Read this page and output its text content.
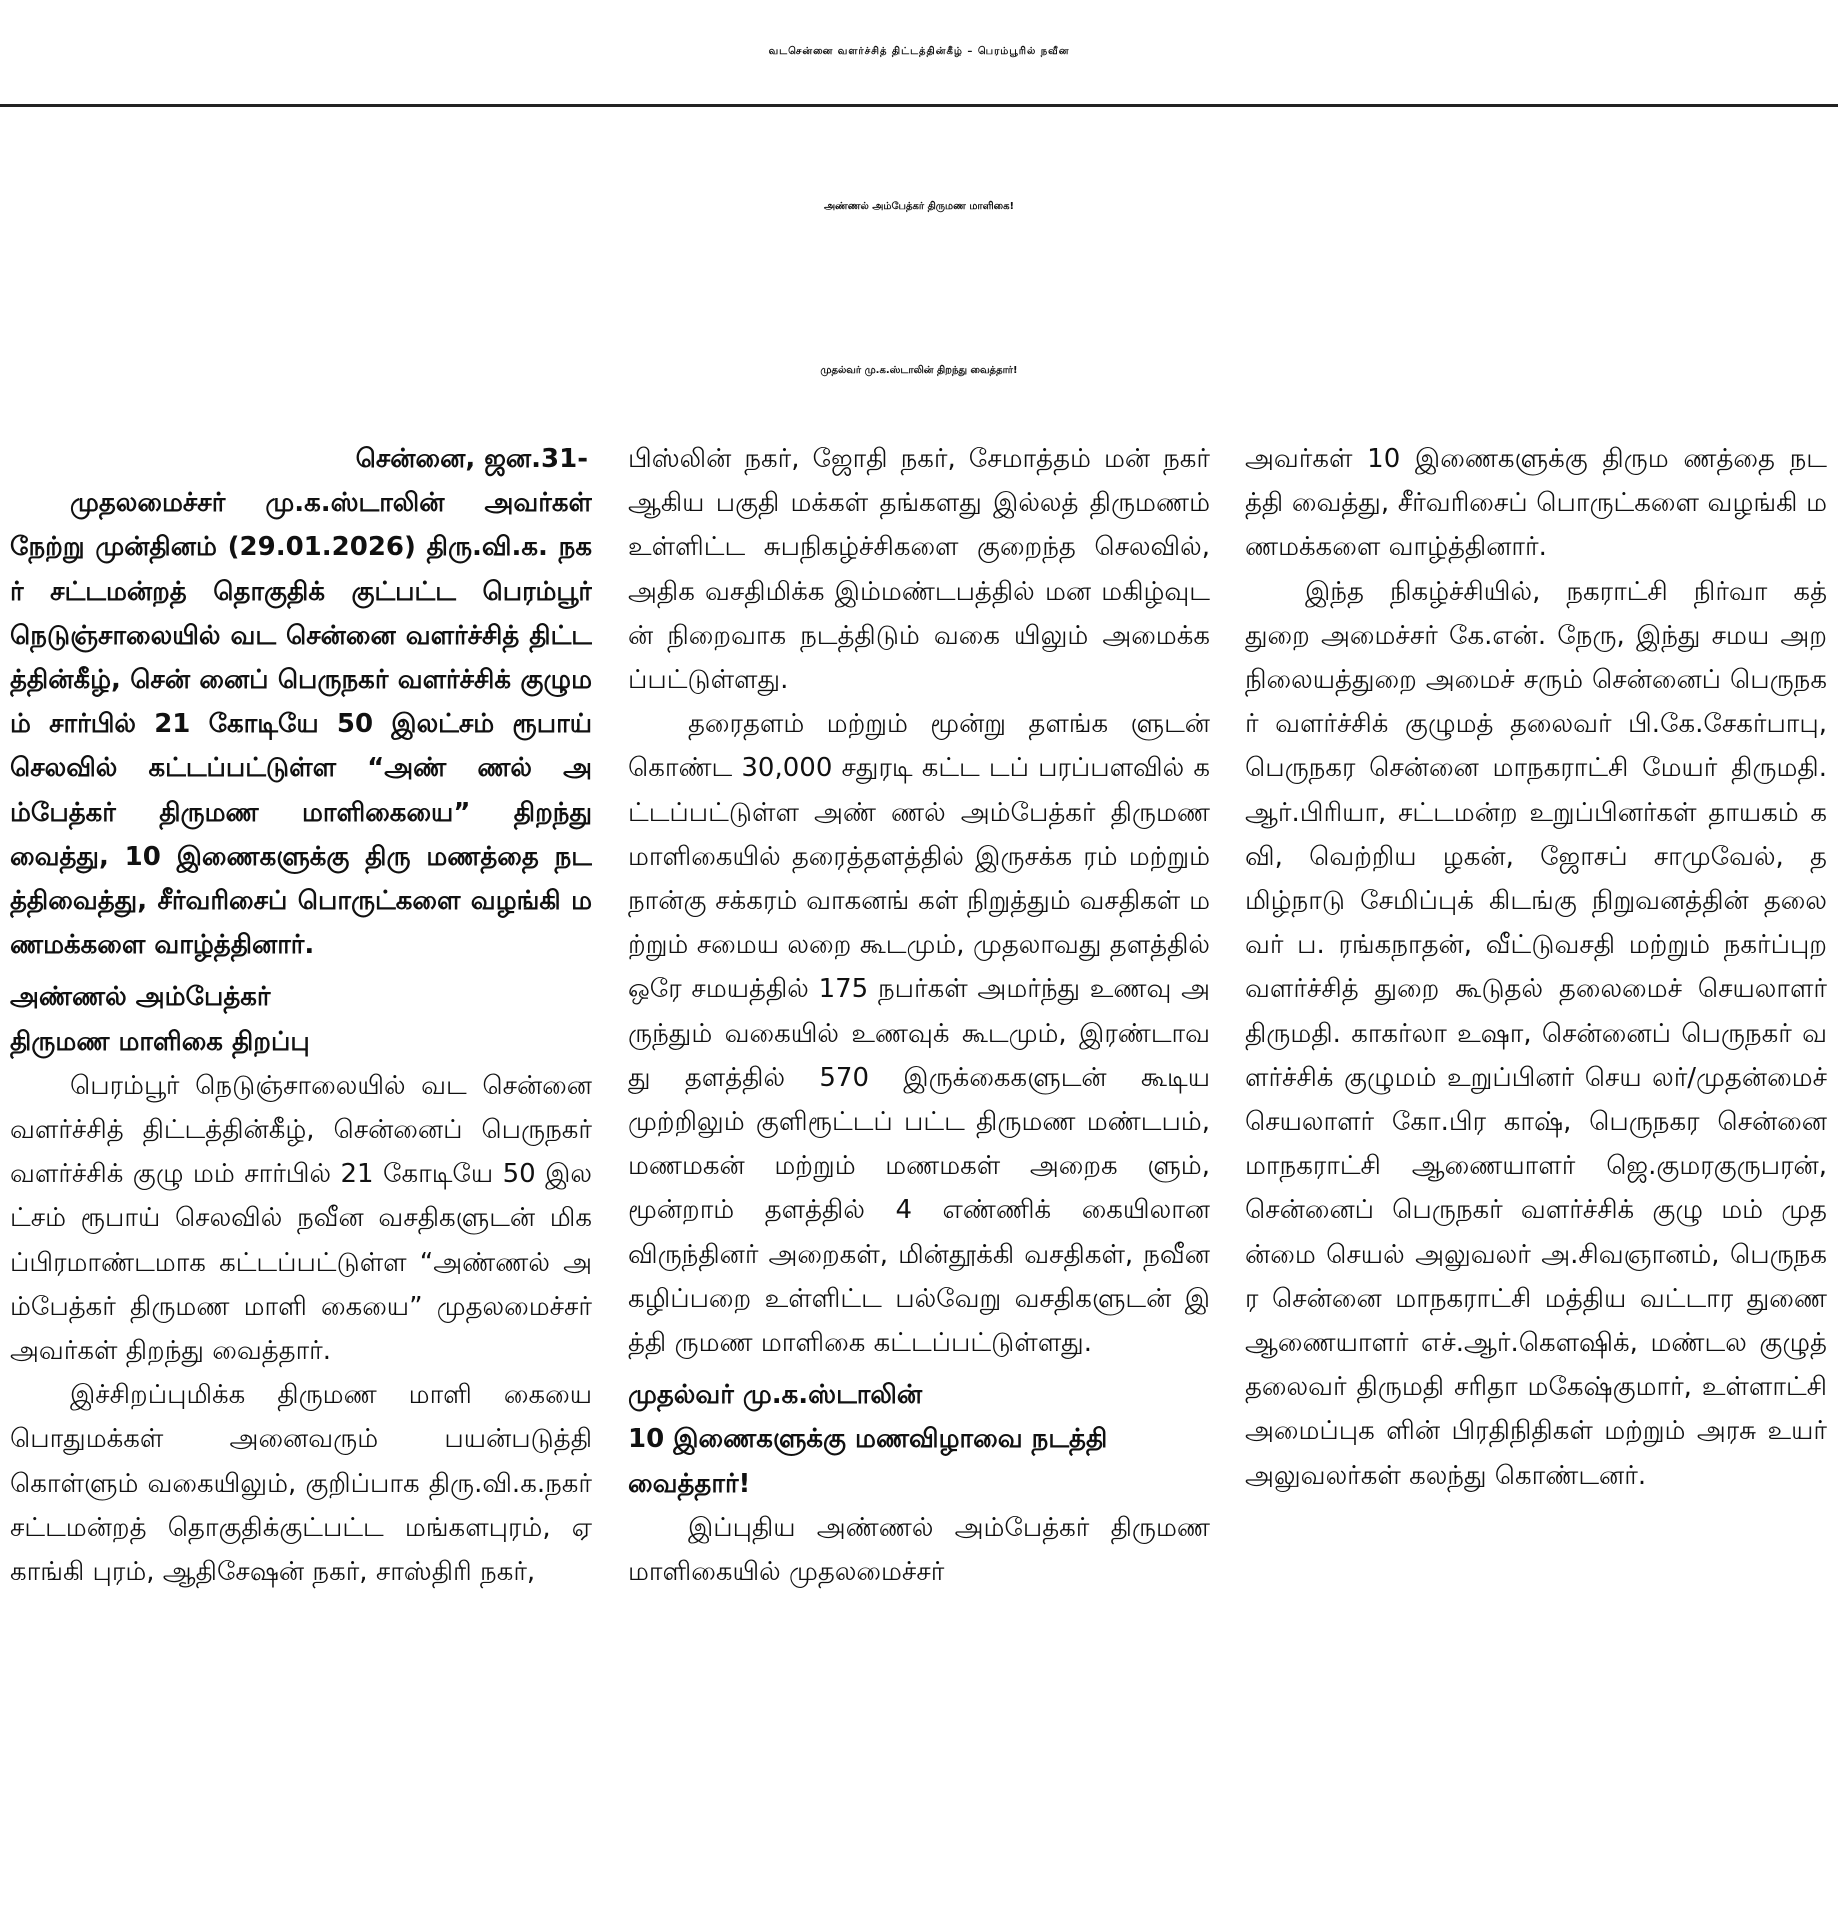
வடசென்னை வளர்ச்சித் திட்டத்தின்கீழ் – பெரம்பூரில் நவீன
அண்ணல் அம்பேத்கர் திருமண மாளிகை!
முதல்வர் மு.க.ஸ்டாலின் திறந்து வைத்தார்!

சென்னை, ஜன.31-

முதலமைச்சர் மு.க.ஸ்டாலின் அவர்கள் நேற்று முன்தினம் (29.01.2026) திரு.வி.க. நகர் சட்டமன்றத் தொகுதிக் குட்பட்ட பெரம்பூர் நெடுஞ்சாலையில் வட சென்னை வளர்ச்சித் திட்டத்தின்கீழ், சென் னைப் பெருநகர் வளர்ச்சிக் குழுமம் சார்பில் 21 கோடியே 50 இலட்சம் ரூபாய் செலவில் கட்டப்பட்டுள்ள “அண் ணல் அம்பேத்கர் திருமண மாளிகையை” திறந்து வைத்து, 10 இணைகளுக்கு திரு மணத்தை நடத்திவைத்து, சீர்வரிசைப் பொருட்களை வழங்கி மணமக்களை வாழ்த்தினார்.

அண்ணல் அம்பேத்கர்

திருமண மாளிகை திறப்பு

பெரம்பூர் நெடுஞ்சாலையில் வட சென்னை வளர்ச்சித் திட்டத்தின்கீழ், சென்னைப் பெருநகர் வளர்ச்சிக் குழு மம் சார்பில் 21 கோடியே 50 இலட்சம் ரூபாய் செலவில் நவீன வசதிகளுடன் மிகப்பிரமாண்டமாக கட்டப்பட்டுள்ள “அண்ணல் அம்பேத்கர் திருமண மாளி கையை” முதலமைச்சர் அவர்கள் திறந்து வைத்தார்.

இச்சிறப்புமிக்க திருமண மாளி கையை பொதுமக்கள் அனைவரும் பயன்படுத்தி கொள்ளும் வகையிலும், குறிப்பாக திரு.வி.க.நகர் சட்டமன்றத் தொகுதிக்குட்பட்ட மங்களபுரம், ஏகாங்கி புரம், ஆதிசேஷன் நகர், சாஸ்திரி நகர்,

பிஸ்லின் நகர், ஜோதி நகர், சேமாத்தம் மன் நகர் ஆகிய பகுதி மக்கள் தங்களது இல்லத் திருமணம் உள்ளிட்ட சுபநிகழ்ச்சிகளை குறைந்த செலவில், அதிக வசதிமிக்க இம்மண்டபத்தில் மன மகிழ்வுடன் நிறைவாக நடத்திடும் வகை யிலும் அமைக்கப்பட்டுள்ளது.

தரைதளம் மற்றும் மூன்று தளங்க ளுடன் கொண்ட 30,000 சதுரடி கட்ட டப் பரப்பளவில் கட்டப்பட்டுள்ள அண் ணல் அம்பேத்கர் திருமண மாளிகையில் தரைத்தளத்தில் இருசக்க ரம் மற்றும் நான்கு சக்கரம் வாகனங் கள் நிறுத்தும் வசதிகள் மற்றும் சமைய லறை கூடமும், முதலாவது தளத்தில் ஒரே சமயத்தில் 175 நபர்கள் அமர்ந்து உணவு அருந்தும் வகையில் உணவுக் கூடமும், இரண்டாவது தளத்தில் 570 இருக்கைகளுடன் கூடிய முற்றிலும் குளிரூட்டப் பட்ட திருமண மண்டபம், மணமகன் மற்றும் மணமகள் அறைக ளும், மூன்றாம் தளத்தில் 4 எண்ணிக் கையிலான விருந்தினர் அறைகள், மின்தூக்கி வசதிகள், நவீன கழிப்பறை உள்ளிட்ட பல்வேறு வசதிகளுடன் இத்தி ருமண மாளிகை கட்டப்பட்டுள்ளது.

முதல்வர் மு.க.ஸ்டாலின்

10 இணைகளுக்கு மணவிழாவை நடத்தி

வைத்தார்!

இப்புதிய அண்ணல் அம்பேத்கர் திருமண மாளிகையில் முதலமைச்சர்

அவர்கள் 10 இணைகளுக்கு திரும ணத்தை நடத்தி வைத்து, சீர்வரிசைப் பொருட்களை வழங்கி மணமக்களை வாழ்த்தினார்.

இந்த நிகழ்ச்சியில், நகராட்சி நிர்வா கத் துறை அமைச்சர் கே.என். நேரு, இந்து சமய அறநிலையத்துறை அமைச் சரும் சென்னைப் பெருநகர் வளர்ச்சிக் குழுமத் தலைவர் பி.கே.சேகர்பாபு, பெருநகர சென்னை மாநகராட்சி மேயர் திருமதி.ஆர்.பிரியா, சட்டமன்ற உறுப்பினர்கள் தாயகம் கவி, வெற்றிய ழகன், ஜோசப் சாமுவேல், தமிழ்நாடு சேமிப்புக் கிடங்கு நிறுவனத்தின் தலை வர் ப. ரங்கநாதன், வீட்டுவசதி மற்றும் நகர்ப்புற வளர்ச்சித் துறை கூடுதல் தலைமைச் செயலாளர் திருமதி. காகர்லா உஷா, சென்னைப் பெருநகர் வளர்ச்சிக் குழுமம் உறுப்பினர் செய லர்/முதன்மைச் செயலாளர் கோ.பிர காஷ், பெருநகர சென்னை மாநகராட்சி ஆணையாளர் ஜெ.குமரகுருபரன், சென்னைப் பெருநகர் வளர்ச்சிக் குழு மம் முதன்மை செயல் அலுவலர் அ.சிவஞானம், பெருநகர சென்னை மாநகராட்சி மத்திய வட்டார துணை ஆணையாளர் எச்.ஆர்.கௌஷிக், மண்டல குழுத் தலைவர் திருமதி சரிதா மகேஷ்குமார், உள்ளாட்சி அமைப்புக ளின் பிரதிநிதிகள் மற்றும் அரசு உயர் அலுவலர்கள் கலந்து கொண்டனர்.
